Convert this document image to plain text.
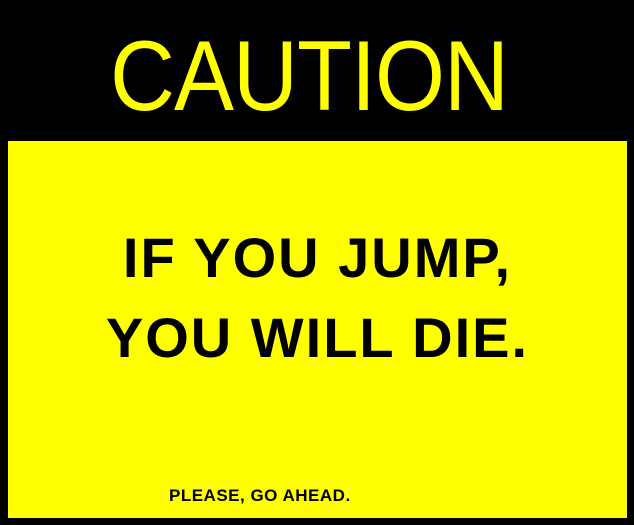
CAUTION
IF YOU JUMP,
YOU WILL DIE.
PLEASE, GO AHEAD.
